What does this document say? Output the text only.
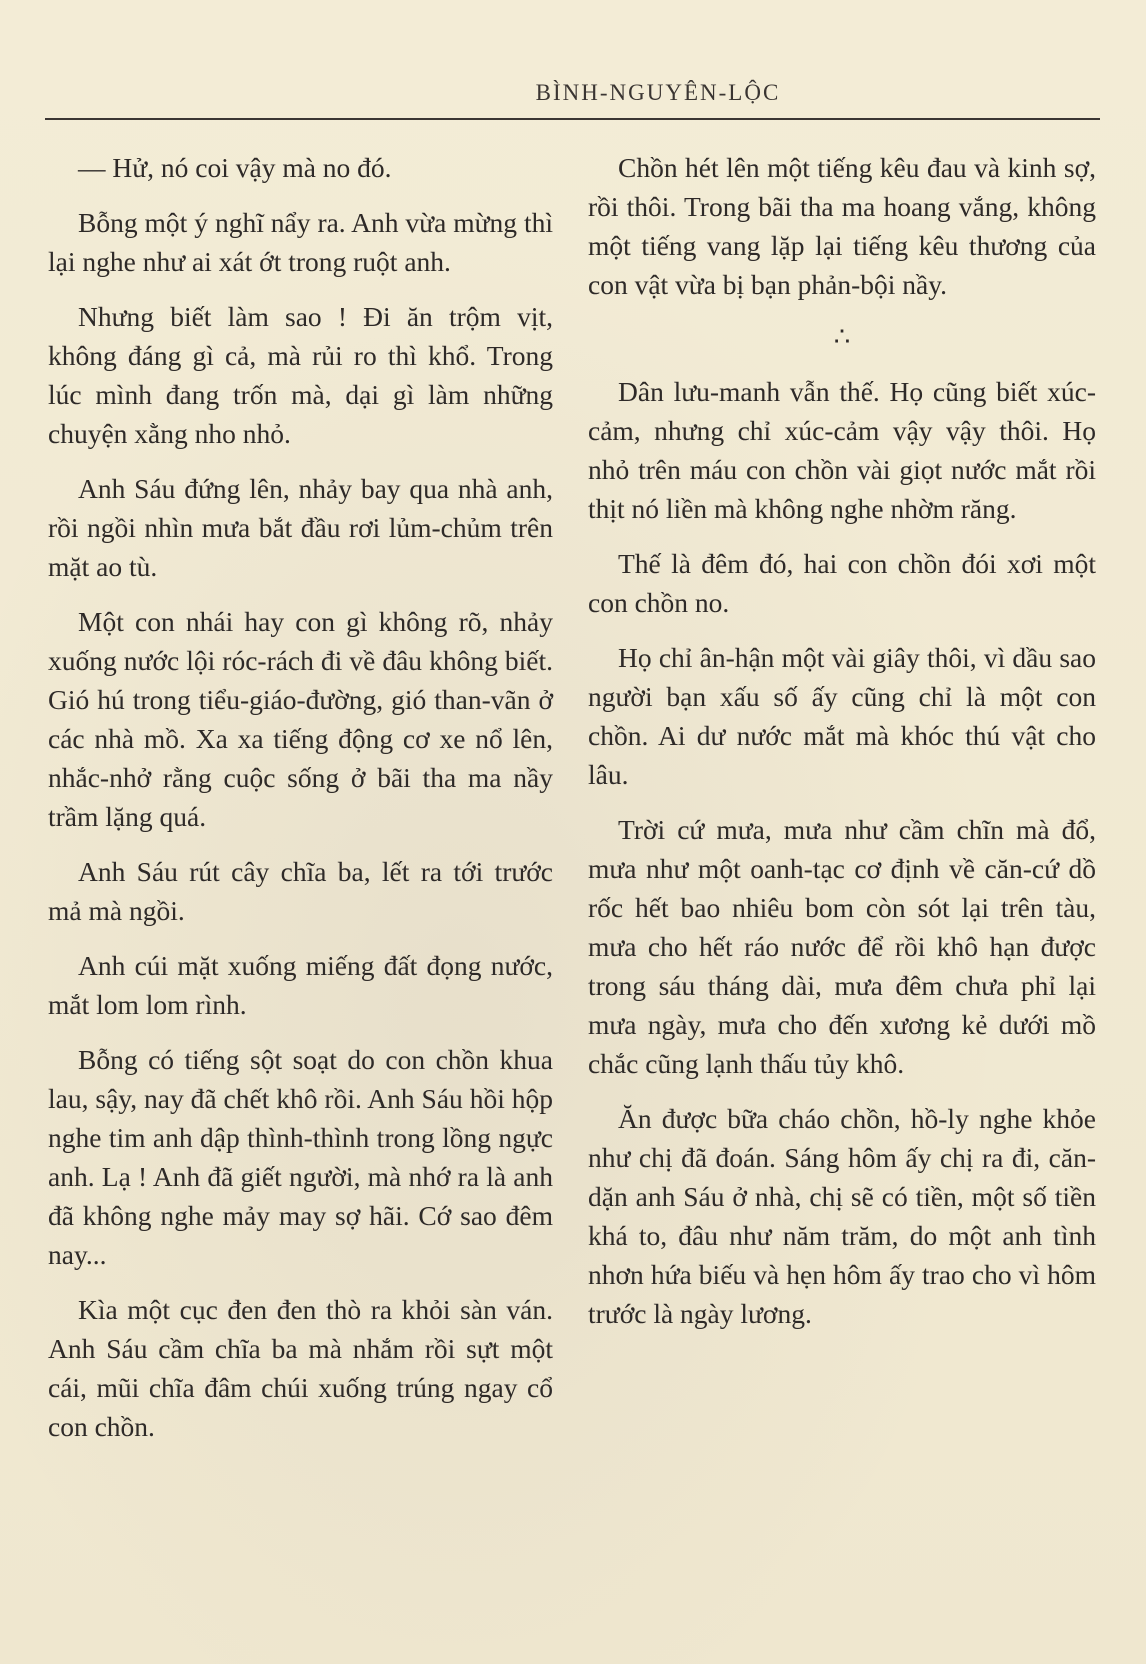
BÌNH-NGUYÊN-LỘC

— Hử, nó coi vậy mà no đó.

Bỗng một ý nghĩ nẩy ra. Anh vừa mừng thì lại nghe như ai xát ớt trong ruột anh.

Nhưng biết làm sao ! Đi ăn trộm vịt, không đáng gì cả, mà rủi ro thì khổ. Trong lúc mình đang trốn mà, dại gì làm những chuyện xằng nho nhỏ.

Anh Sáu đứng lên, nhảy bay qua nhà anh, rồi ngồi nhìn mưa bắt đầu rơi lủm-chủm trên mặt ao tù.

Một con nhái hay con gì không rõ, nhảy xuống nước lội róc-rách đi về đâu không biết. Gió hú trong tiểu-giáo-đường, gió than-vãn ở các nhà mồ. Xa xa tiếng động cơ xe nổ lên, nhắc-nhở rằng cuộc sống ở bãi tha ma nầy trầm lặng quá.

Anh Sáu rút cây chĩa ba, lết ra tới trước mả mà ngồi.

Anh cúi mặt xuống miếng đất đọng nước, mắt lom lom rình.

Bỗng có tiếng sột soạt do con chồn khua lau, sậy, nay đã chết khô rồi. Anh Sáu hồi hộp nghe tim anh dập thình-thình trong lồng ngực anh. Lạ ! Anh đã giết người, mà nhớ ra là anh đã không nghe mảy may sợ hãi. Cớ sao đêm nay...

Kìa một cục đen đen thò ra khỏi sàn ván. Anh Sáu cầm chĩa ba mà nhắm rồi sựt một cái, mũi chĩa đâm chúi xuống trúng ngay cổ con chồn.

Chồn hét lên một tiếng kêu đau và kinh sợ, rồi thôi. Trong bãi tha ma hoang vắng, không một tiếng vang lặp lại tiếng kêu thương của con vật vừa bị bạn phản-bội nầy.

∴

Dân lưu-manh vẫn thế. Họ cũng biết xúc-cảm, nhưng chỉ xúc-cảm vậy vậy thôi. Họ nhỏ trên máu con chồn vài giọt nước mắt rồi thịt nó liền mà không nghe nhờm răng.

Thế là đêm đó, hai con chồn đói xơi một con chồn no.

Họ chỉ ân-hận một vài giây thôi, vì dầu sao người bạn xấu số ấy cũng chỉ là một con chồn. Ai dư nước mắt mà khóc thú vật cho lâu.

Trời cứ mưa, mưa như cầm chĩn mà đổ, mưa như một oanh-tạc cơ định về căn-cứ dồ rốc hết bao nhiêu bom còn sót lại trên tàu, mưa cho hết ráo nước để rồi khô hạn được trong sáu tháng dài, mưa đêm chưa phỉ lại mưa ngày, mưa cho đến xương kẻ dưới mồ chắc cũng lạnh thấu tủy khô.

Ăn được bữa cháo chồn, hồ-ly nghe khỏe như chị đã đoán. Sáng hôm ấy chị ra đi, căn-dặn anh Sáu ở nhà, chị sẽ có tiền, một số tiền khá to, đâu như năm trăm, do một anh tình nhơn hứa biếu và hẹn hôm ấy trao cho vì hôm trước là ngày lương.
